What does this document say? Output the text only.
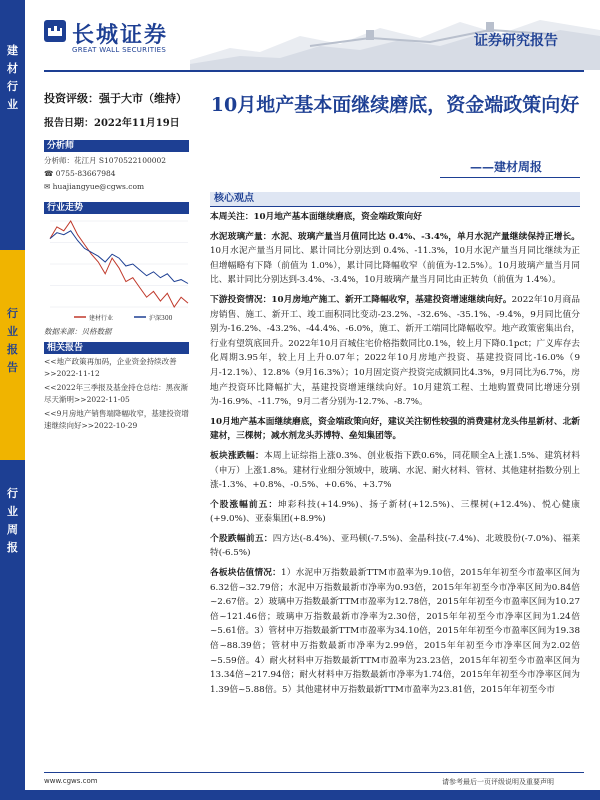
建
材
行
业
行
业
报
告
行
业
周
报
长城证券
GREAT WALL SECURITIES
证券研究报告
投资评级：强于大市（维持）
报告日期：2022年11月19日
分析师
分析师：花江月 S1070522100002
☎ 0755-83667984
✉ huajiangyue@cgws.com
行业走势
建材行业	沪深300
数据来源：贝格数据
相关报告
<<地产政策再加码，企业资金持续改善>>2022-11-12
<<2022年三季报及基金持仓总结：黑夜渐尽天渐明>>2022-11-05
<<9月房地产销售端降幅收窄，基建投资增速继续向好>>2022-10-29
10月地产基本面继续磨底，资金端政策向好
——建材周报
核心观点

本周关注：10月地产基本面继续磨底，资金端政策向好

水泥玻璃产量：水泥、玻璃产量当月值同比达 0.4%、-3.4%，单月水泥产量继续保持正增长。10月水泥产量当月同比、累计同比分别达到 0.4%、-11.3%，10月水泥产量当月同比继续为正但增幅略有下降（前值为 1.0%），累计同比降幅收窄（前值为-12.5%）。10月玻璃产量当月同比、累计同比分别达到-3.4%、-3.4%，10月玻璃产量当月同比由正转负（前值为 1.4%）。

下游投资情况：10月房地产施工、新开工降幅收窄，基建投资增速继续向好。2022年10月商品房销售、施工、新开工、竣工面积同比变动-23.2%、-32.6%、-35.1%、-9.4%，9月同比值分别为-16.2%、-43.2%、-44.4%、-6.0%，施工、新开工端同比降幅收窄。地产政策密集出台，行业有望筑底回升。2022年10月百城住宅价格指数同比0.1%，较上月下降0.1pct；广义库存去化周期3.95年，较上月上升0.07年；2022年10月房地产投资、基建投资同比-16.0%（9月-12.1%）、12.8%（9月16.3%）；10月固定资产投资完成额同比4.3%，9月同比为6.7%，房地产投资环比降幅扩大，基建投资增速继续向好。10月建筑工程、土地购置费同比增速分别为-16.9%、-11.7%，9月二者分别为-12.7%、-8.7%。

10月地产基本面继续磨底，资金端政策向好，建议关注韧性较强的消费建材龙头伟星新材、北新建材，三棵树；减水剂龙头苏博特、垒知集团等。

板块涨跌幅：本周上证综指上涨0.3%、创业板指下跌0.6%，同花顺全A上涨1.5%、建筑材料（申万）上涨1.8%。建材行业细分领域中，玻璃、水泥、耐火材料、管材、其他建材指数分别上涨-1.3%、+0.8%、-0.5%、+0.6%、+3.7%

个股涨幅前五：坤彩科技(+14.9%)、扬子新材(+12.5%)、三棵树(+12.4%)、悦心健康(+9.0%)、亚泰集团(+8.9%)

个股跌幅前五：四方达(-8.4%)、亚玛顿(-7.5%)、金晶科技(-7.4%)、北玻股份(-7.0%)、福莱特(-6.5%)

各板块估值情况：1）水泥申万指数最新TTM市盈率为9.10倍，2015年年初至今市盈率区间为 6.32倍~32.79倍；水泥申万指数最新市净率为0.93倍，2015年年初至今市净率区间为0.84倍~2.67倍。2）玻璃申万指数最新TTM市盈率为12.78倍，2015年年初至今市盈率区间为10.27倍~121.46倍；玻璃申万指数最新市净率为2.30倍，2015年年初至今市净率区间为1.24倍~5.61倍。3）管材申万指数最新TTM市盈率为34.10倍，2015年年初至今市盈率区间为19.38倍~88.39倍；管材申万指数最新市净率为2.99倍，2015年年初至今市净率区间为2.02倍~5.59倍。4）耐火材料申万指数最新TTM市盈率为23.23倍，2015年年初至今市盈率区间为13.34倍~217.94倍；耐火材料申万指数最新市净率为1.74倍，2015年年初至今市净率区间为1.39倍~5.88倍。5）其他建材申万指数最新TTM市盈率为23.81倍，2015年年初至今市

www.cgws.com	请参考最后一页评级说明及重要声明
